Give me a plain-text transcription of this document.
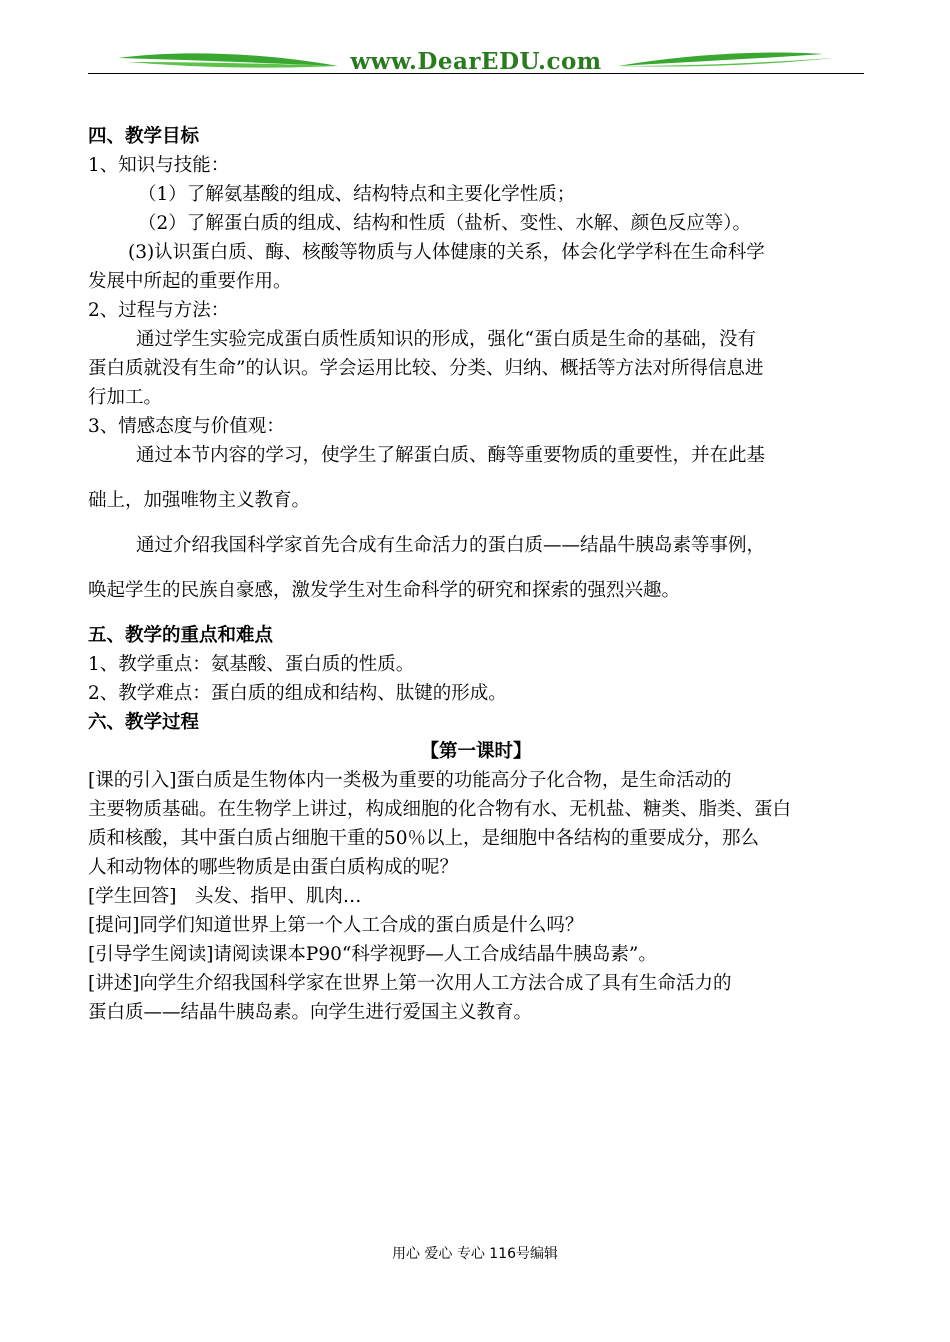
www.DearEDU.com
四、教学目标
1、知识与技能：
（1）了解氨基酸的组成、结构特点和主要化学性质；
（2）了解蛋白质的组成、结构和性质（盐析、变性、水解、颜色反应等）。
(3)认识蛋白质、酶、核酸等物质与人体健康的关系，体会化学学科在生命科学
发展中所起的重要作用。
2、过程与方法：
通过学生实验完成蛋白质性质知识的形成，强化“蛋白质是生命的基础，没有
蛋白质就没有生命”的认识。学会运用比较、分类、归纳、概括等方法对所得信息进
行加工。
3、情感态度与价值观：
通过本节内容的学习，使学生了解蛋白质、酶等重要物质的重要性，并在此基
础上，加强唯物主义教育。
通过介绍我国科学家首先合成有生命活力的蛋白质——结晶牛胰岛素等事例，
唤起学生的民族自豪感，激发学生对生命科学的研究和探索的强烈兴趣。
五、教学的重点和难点
1、教学重点：氨基酸、蛋白质的性质。
2、教学难点：蛋白质的组成和结构、肽键的形成。
六、教学过程
【第一课时】
[课的引入]蛋白质是生物体内一类极为重要的功能高分子化合物，是生命活动的
主要物质基础。在生物学上讲过，构成细胞的化合物有水、无机盐、糖类、脂类、蛋白
质和核酸，其中蛋白质占细胞干重的50％以上，是细胞中各结构的重要成分，那么
人和动物体的哪些物质是由蛋白质构成的呢？
[学生回答]　头发、指甲、肌肉…
[提问]同学们知道世界上第一个人工合成的蛋白质是什么吗？
[引导学生阅读]请阅读课本P90“科学视野—人工合成结晶牛胰岛素”。
[讲述]向学生介绍我国科学家在世界上第一次用人工方法合成了具有生命活力的
蛋白质——结晶牛胰岛素。向学生进行爱国主义教育。
用心 爱心 专心 116号编辑
